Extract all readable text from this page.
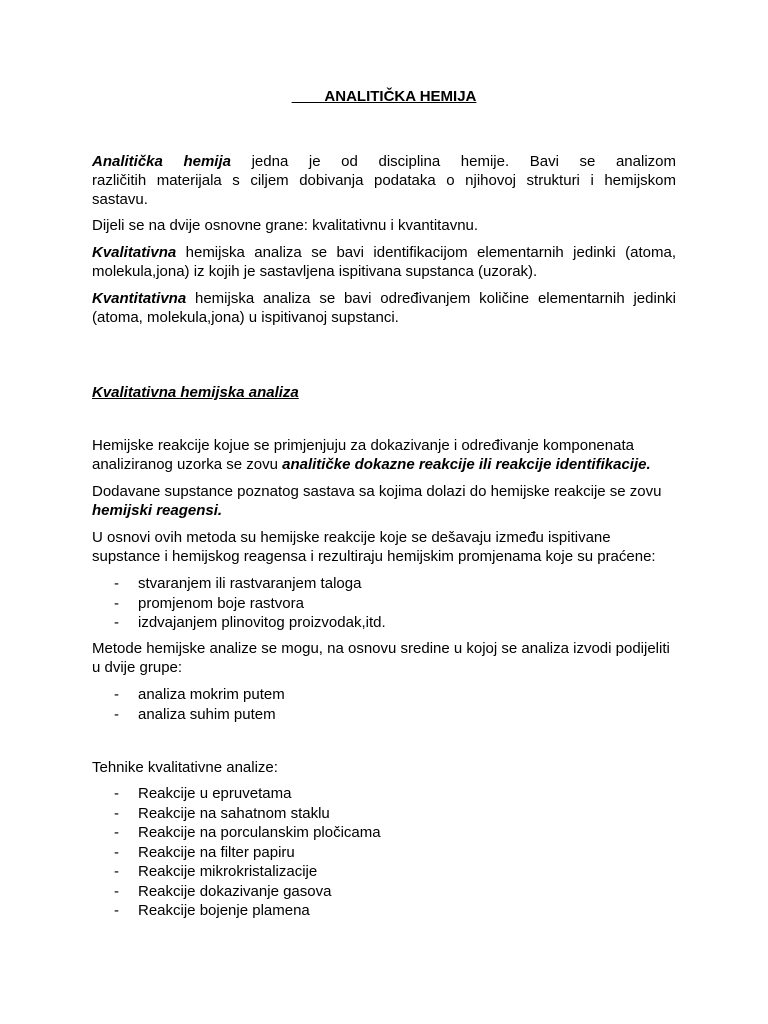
ANALITIČKA HEMIJA

Analitička hemija jedna je od disciplina hemije. Bavi se analizom

različitih materijala s ciljem dobivanja podataka o njihovoj strukturi i hemijskom

sastavu.

Dijeli se na dvije osnovne grane: kvalitativnu i kvantitavnu.

Kvalitativna hemijska analiza se bavi identifikacijom elementarnih jedinki (atoma, molekula,jona) iz kojih je sastavljena ispitivana supstanca (uzorak).

Kvantitativna hemijska analiza se bavi određivanjem količine elementarnih jedinki (atoma, molekula,jona) u ispitivanoj supstanci.

Kvalitativna hemijska analiza

Hemijske reakcije kojue se primjenjuju za dokazivanje i određivanje komponenata analiziranog uzorka se zovu analitičke dokazne reakcije ili reakcije identifikacije.

Dodavane supstance poznatog sastava sa kojima dolazi do hemijske reakcije se zovu hemijski reagensi.

U osnovi ovih metoda su hemijske reakcije koje se dešavaju između ispitivane supstance i hemijskog reagensa i rezultiraju hemijskim promjenama koje su praćene:

- stvaranjem ili rastvaranjem taloga
- promjenom boje rastvora
- izdvajanjem plinovitog proizvodak,itd.

Metode hemijske analize se mogu, na osnovu sredine u kojoj se analiza izvodi podijeliti u dvije grupe:

- analiza mokrim putem
- analiza suhim putem

Tehnike kvalitativne analize:

- Reakcije u epruvetama
- Reakcije na sahatnom staklu
- Reakcije na porculanskim pločicama
- Reakcije na filter papiru
- Reakcije mikrokristalizacije
- Reakcije dokazivanje gasova
- Reakcije bojenje plamena
